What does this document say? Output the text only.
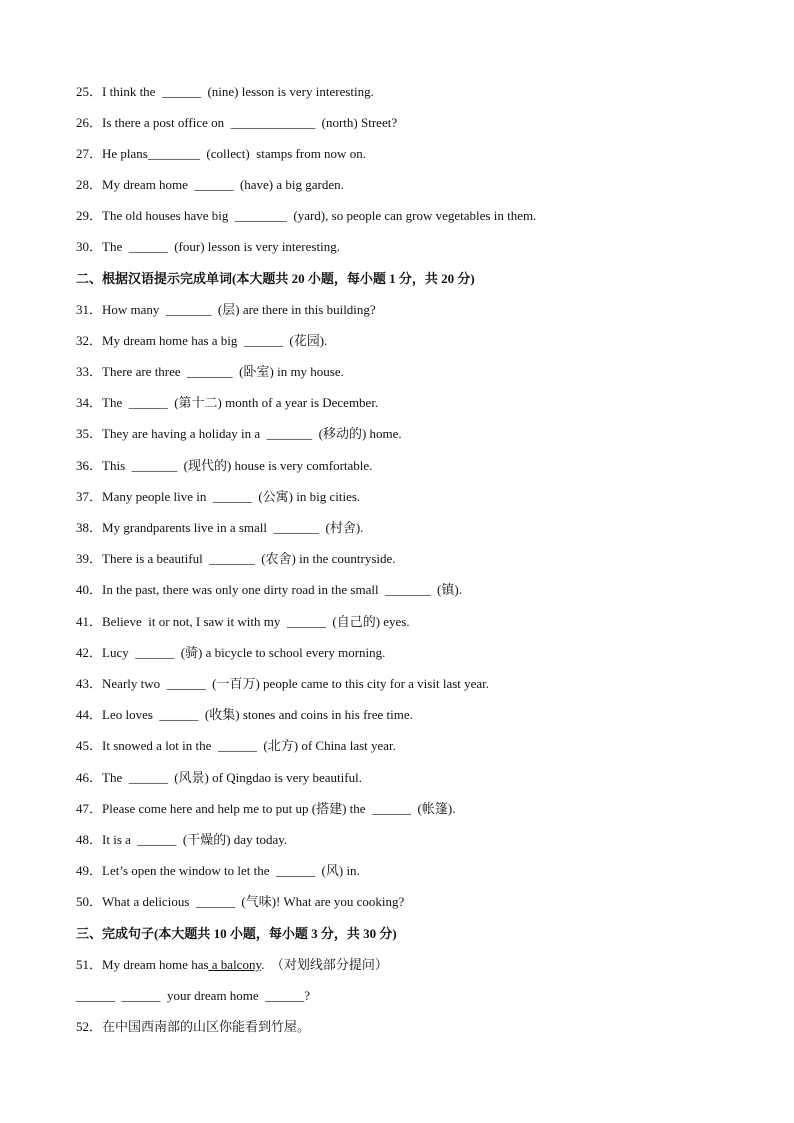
25．I think the  ______  (nine) lesson is very interesting.
26．Is there a post office on  _____________  (north) Street?
27．He plans________  (collect)  stamps from now on.
28．My dream home  ______  (have) a big garden.
29．The old houses have big  ________  (yard), so people can grow vegetables in them.
30．The  ______  (four) lesson is very interesting.
二、根据汉语提示完成单词(本大题共 20 小题，每小题 1 分，共 20 分)
31．How many  _______  (层) are there in this building?
32．My dream home has a big  ______  (花园).
33．There are three  _______  (卧室) in my house.
34．The  ______  (第十二) month of a year is December.
35．They are having a holiday in a  _______  (移动的) home.
36．This  _______  (现代的) house is very comfortable.
37．Many people live in  ______  (公寓) in big cities.
38．My grandparents live in a small  _______  (村舍).
39．There is a beautiful  _______  (农舍) in the countryside.
40．In the past, there was only one dirty road in the small  _______  (镇).
41．Believe  it or not, I saw it with my  ______  (自己的) eyes.
42．Lucy  ______  (骑) a bicycle to school every morning.
43．Nearly two  ______  (一百万) people came to this city for a visit last year.
44．Leo loves  ______  (收集) stones and coins in his free time.
45．It snowed a lot in the  ______  (北方) of China last year.
46．The  ______  (风景) of Qingdao is very beautiful.
47．Please come here and help me to put up (搭建) the  ______  (帐篷).
48．It is a  ______  (干燥的) day today.
49．Let’s open the window to let the  ______  (风) in.
50．What a delicious  ______  (气味)! What are you cooking?
三、完成句子(本大题共 10 小题，每小题 3 分，共 30 分)
51．My dream home has a balcony.  （对划线部分提问）
______  ______  your dream home  ______?
52．在中国西南部的山区你能看到竹屋。
